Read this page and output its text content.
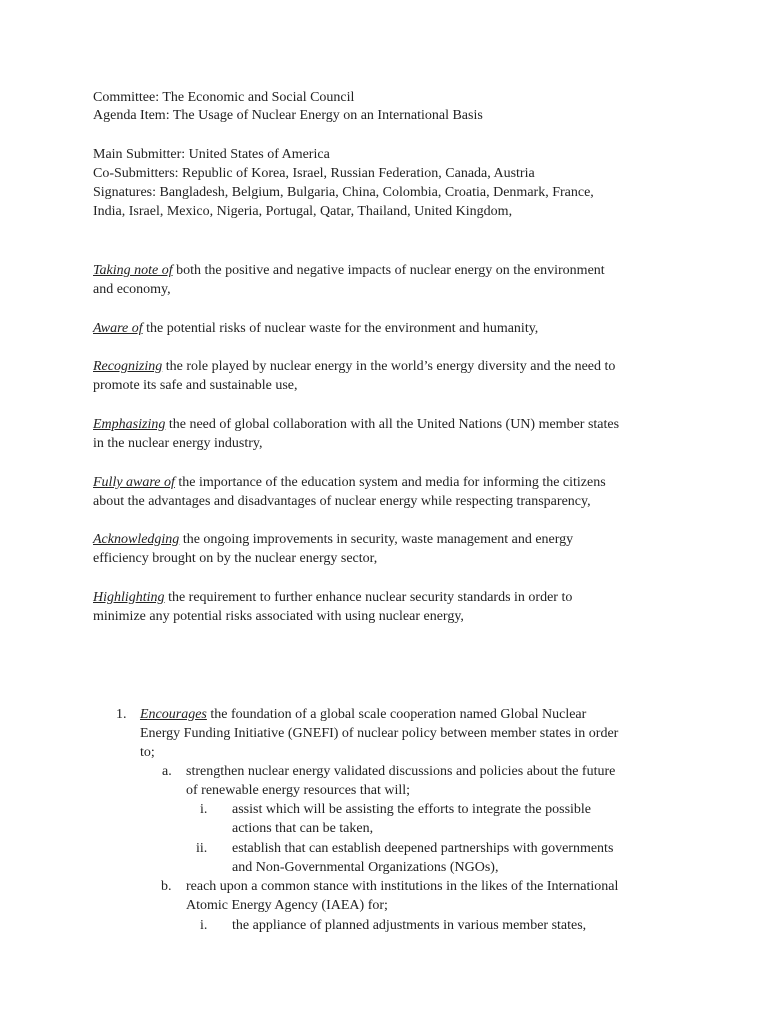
Committee: The Economic and Social Council

Agenda Item: The Usage of Nuclear Energy on an International Basis

Main Submitter: United States of America

Co-Submitters: Republic of Korea, Israel, Russian Federation, Canada, Austria

Signatures: Bangladesh, Belgium, Bulgaria, China, Colombia, Croatia, Denmark, France,

India, Israel, Mexico, Nigeria, Portugal, Qatar, Thailand, United Kingdom,

Taking note of both the positive and negative impacts of nuclear energy on the environment

and economy,

Aware of the potential risks of nuclear waste for the environment and humanity,

Recognizing the role played by nuclear energy in the world’s energy diversity and the need to

promote its safe and sustainable use,

Emphasizing the need of global collaboration with all the United Nations (UN) member states

in the nuclear energy industry,

Fully aware of the importance of the education system and media for informing the citizens

about the advantages and disadvantages of nuclear energy while respecting transparency,

Acknowledging the ongoing improvements in security, waste management and energy

efficiency brought on by the nuclear energy sector,

Highlighting the requirement to further enhance nuclear security standards in order to

minimize any potential risks associated with using nuclear energy,

1. Encourages the foundation of a global scale cooperation named Global Nuclear

Energy Funding Initiative (GNEFI) of nuclear policy between member states in order

to;

a. strengthen nuclear energy validated discussions and policies about the future

of renewable energy resources that will;

i. assist which will be assisting the efforts to integrate the possible

actions that can be taken,

ii. establish that can establish deepened partnerships with governments

and Non-Governmental Organizations (NGOs),

b. reach upon a common stance with institutions in the likes of the International

Atomic Energy Agency (IAEA) for;

i. the appliance of planned adjustments in various member states,
